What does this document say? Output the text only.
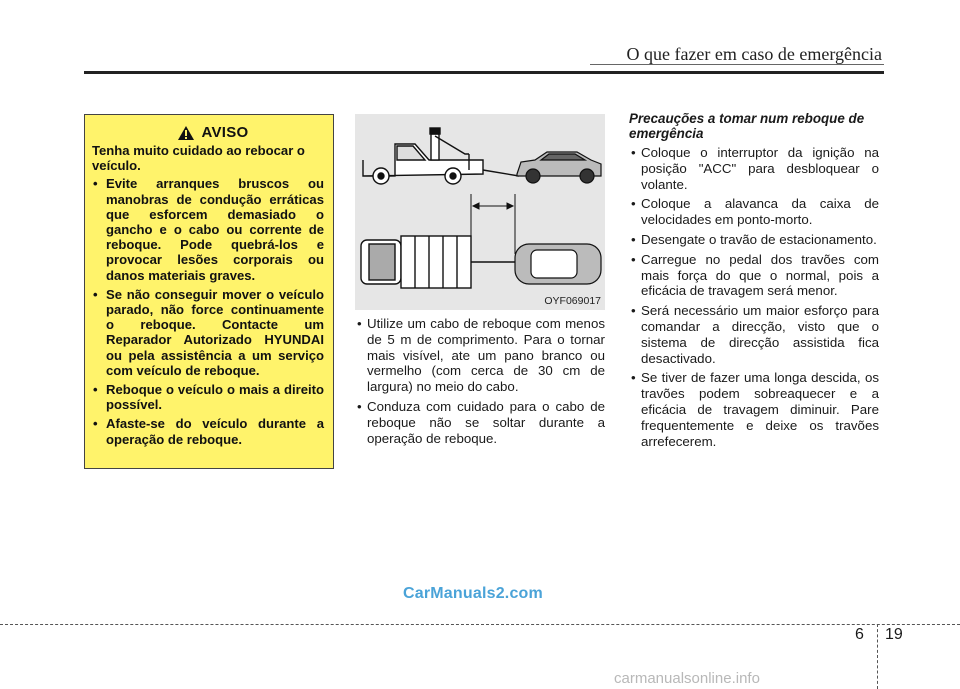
O que fazer em caso de emergência
AVISO

Tenha muito cuidado ao rebocar o veículo.

• Evite arranques bruscos ou manobras de condução erráticas que esforcem demasiado o gancho e o cabo ou corrente de reboque. Pode quebrá-los e provocar lesões corporais ou danos materiais graves.
• Se não conseguir mover o veículo parado, não force continuamente o reboque. Contacte um Reparador Autorizado HYUNDAI ou pela assistência a um serviço com veículo de reboque.
• Reboque o veículo o mais a direito possível.
• Afaste-se do veículo durante a operação de reboque.
OYF069017
• Utilize um cabo de reboque com menos de 5 m de comprimento. Para o tornar mais visível, ate um pano branco ou vermelho (com cerca de 30 cm de largura) no meio do cabo.
• Conduza com cuidado para o cabo de reboque não se soltar durante a operação de reboque.
Precauções a tomar num reboque de emergência
• Coloque o interruptor da ignição na posição "ACC" para desbloquear o volante.
• Coloque a alavanca da caixa de velocidades em ponto-morto.
• Desengate o travão de estacionamento.
• Carregue no pedal dos travões com mais força do que o normal, pois a eficácia de travagem será menor.
• Será necessário um maior esforço para comandar a direcção, visto que o sistema de direcção assistida fica desactivado.
• Se tiver de fazer uma longa descida, os travões podem sobreaquecer e a eficácia de travagem diminuir. Pare frequentemente e deixe os travões arrefecerem.
CarManuals2.com
6 19
carmanualsonline.info
